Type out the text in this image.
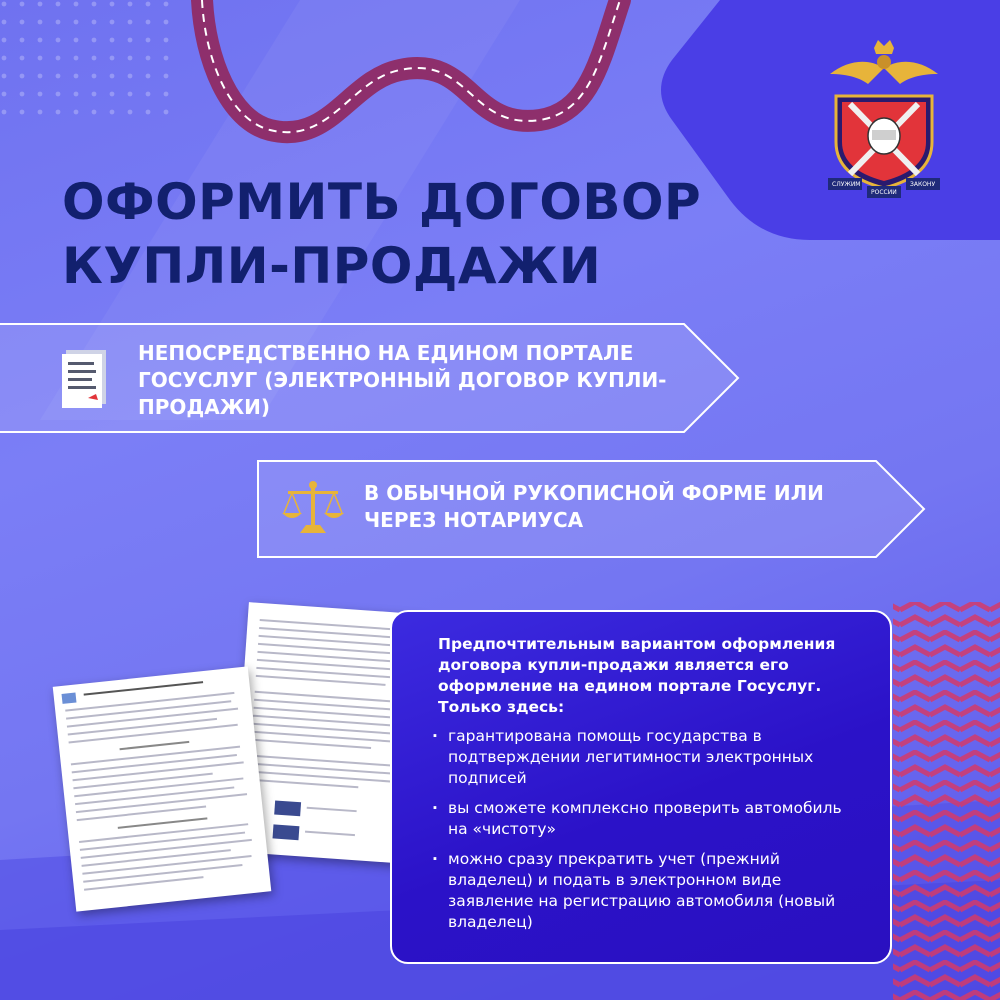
СЛУЖИМ
РОССИИ
ЗАКОНУ
ОФОРМИТЬ ДОГОВОР
КУПЛИ-ПРОДАЖИ
НЕПОСРЕДСТВЕННО НА ЕДИНОМ ПОРТАЛЕ ГОСУСЛУГ (ЭЛЕКТРОННЫЙ ДОГОВОР КУПЛИ-ПРОДАЖИ)
В ОБЫЧНОЙ РУКОПИСНОЙ ФОРМЕ ИЛИ ЧЕРЕЗ НОТАРИУСА

Предпочтительным вариантом оформления договора купли-продажи является его оформление на едином портале Госуслуг. Только здесь:

· гарантирована помощь государства в подтверждении легитимности электронных подписей
· вы сможете комплексно проверить автомобиль на «чистоту»
· можно сразу прекратить учет (прежний владелец) и подать в электронном виде заявление на регистрацию автомобиля (новый владелец)
